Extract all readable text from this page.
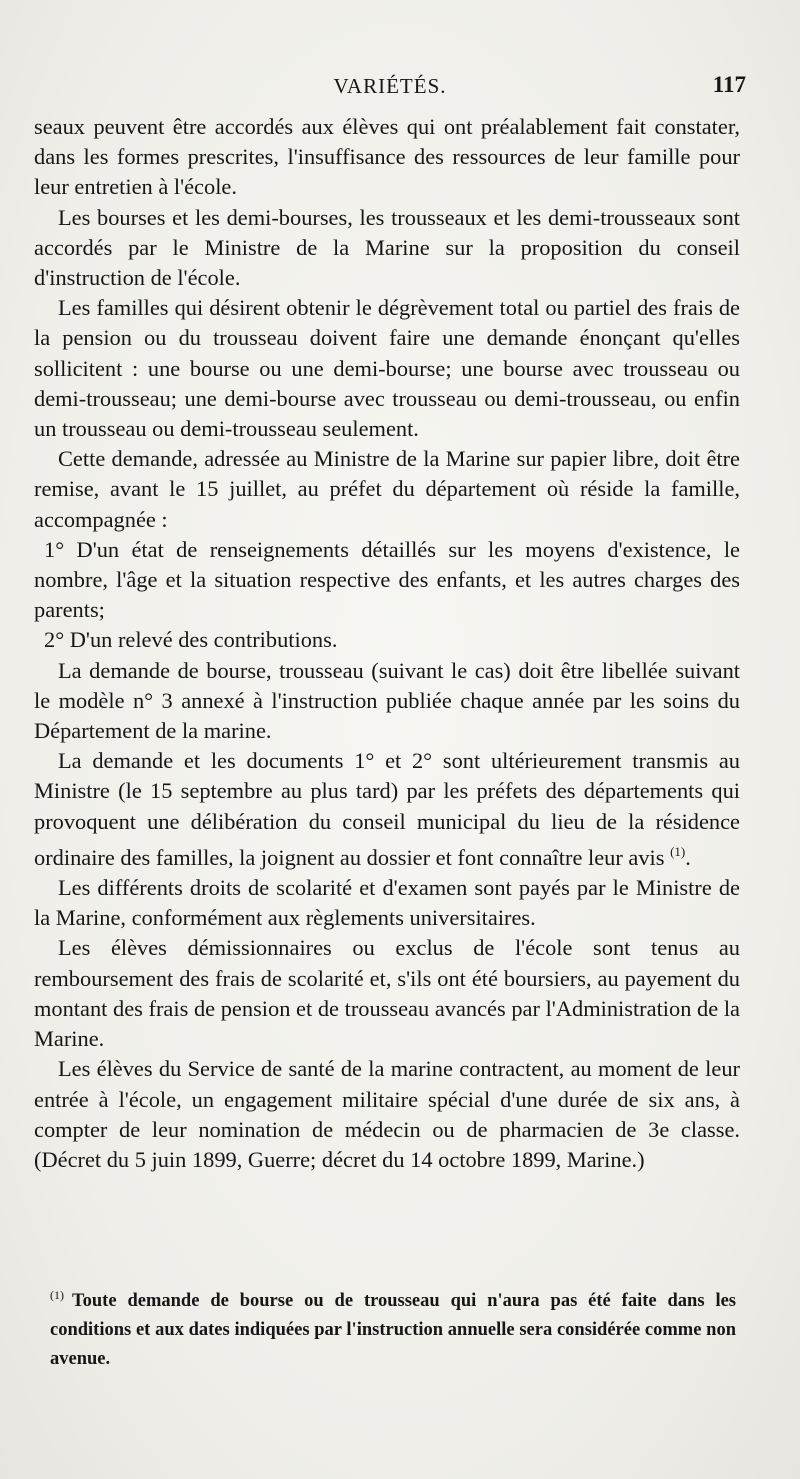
VARIÉTÉS.	117

seaux peuvent être accordés aux élèves qui ont préalablement fait constater, dans les formes prescrites, l'insuffisance des ressources de leur famille pour leur entretien à l'école.

Les bourses et les demi-bourses, les trousseaux et les demi-trousseaux sont accordés par le Ministre de la Marine sur la proposition du conseil d'instruction de l'école.

Les familles qui désirent obtenir le dégrèvement total ou partiel des frais de la pension ou du trousseau doivent faire une demande énonçant qu'elles sollicitent : une bourse ou une demi-bourse; une bourse avec trousseau ou demi-trousseau; une demi-bourse avec trousseau ou demi-trousseau, ou enfin un trousseau ou demi-trousseau seulement.

Cette demande, adressée au Ministre de la Marine sur papier libre, doit être remise, avant le 15 juillet, au préfet du département où réside la famille, accompagnée :

1° D'un état de renseignements détaillés sur les moyens d'existence, le nombre, l'âge et la situation respective des enfants, et les autres charges des parents;

2° D'un relevé des contributions.

La demande de bourse, trousseau (suivant le cas) doit être libellée suivant le modèle n° 3 annexé à l'instruction publiée chaque année par les soins du Département de la marine.

La demande et les documents 1° et 2° sont ultérieurement transmis au Ministre (le 15 septembre au plus tard) par les préfets des départements qui provoquent une délibération du conseil municipal du lieu de la résidence ordinaire des familles, la joignent au dossier et font connaître leur avis $^{(1)}$.

Les différents droits de scolarité et d'examen sont payés par le Ministre de la Marine, conformément aux règlements universitaires.

Les élèves démissionnaires ou exclus de l'école sont tenus au remboursement des frais de scolarité et, s'ils ont été boursiers, au payement du montant des frais de pension et de trousseau avancés par l'Administration de la Marine.

Les élèves du Service de santé de la marine contractent, au moment de leur entrée à l'école, un engagement militaire spécial d'une durée de six ans, à compter de leur nomination de médecin ou de pharmacien de 3e classe. (Décret du 5 juin 1899, Guerre; décret du 14 octobre 1899, Marine.)

$^{(1)}$ Toute demande de bourse ou de trousseau qui n'aura pas été faite dans les conditions et aux dates indiquées par l'instruction annuelle sera considérée comme non avenue.
